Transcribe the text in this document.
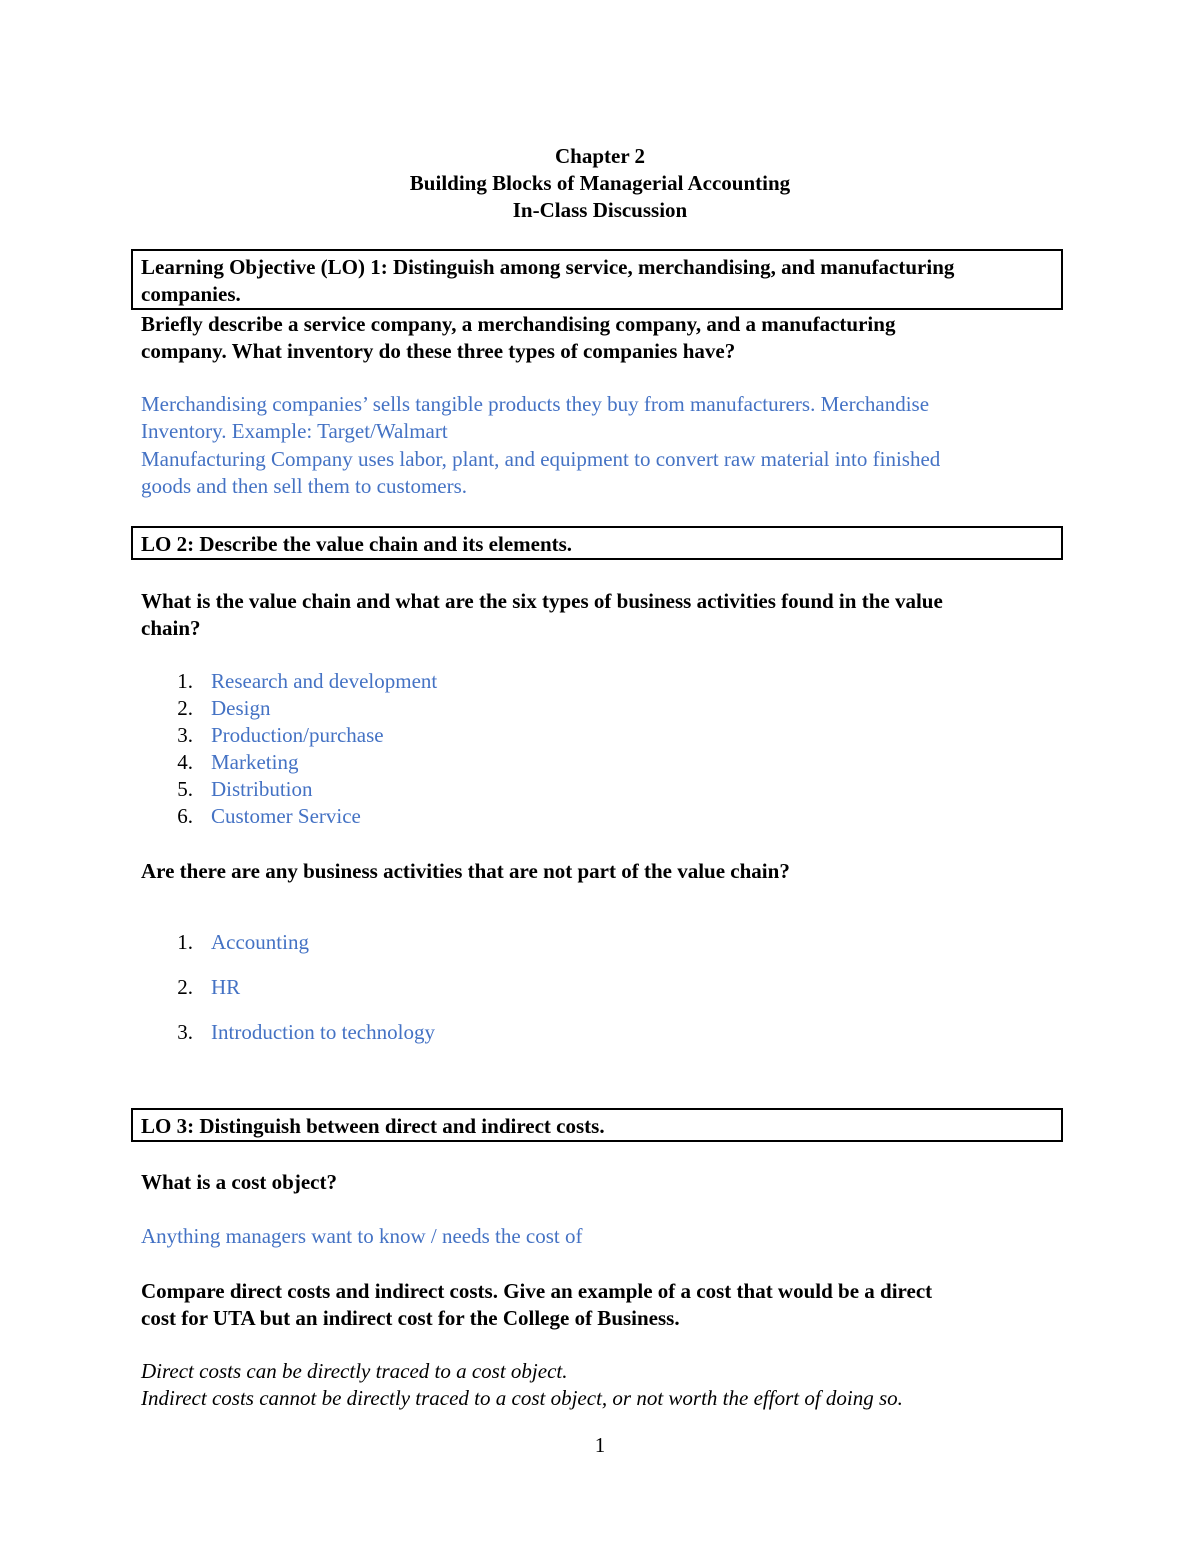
Chapter 2
Building Blocks of Managerial Accounting
In-Class Discussion
Learning Objective (LO) 1: Distinguish among service, merchandising, and manufacturing
companies.
Briefly describe a service company, a merchandising company, and a manufacturing
company. What inventory do these three types of companies have?
Merchandising companies’ sells tangible products they buy from manufacturers. Merchandise
Inventory. Example: Target/Walmart
Manufacturing Company uses labor, plant, and equipment to convert raw material into finished
goods and then sell them to customers.
LO 2: Describe the value chain and its elements.
What is the value chain and what are the six types of business activities found in the value
chain?
1. Research and development
2. Design
3. Production/purchase
4. Marketing
5. Distribution
6. Customer Service
Are there are any business activities that are not part of the value chain?
1. Accounting
2. HR
3. Introduction to technology
LO 3: Distinguish between direct and indirect costs.
What is a cost object?
Anything managers want to know / needs the cost of
Compare direct costs and indirect costs. Give an example of a cost that would be a direct
cost for UTA but an indirect cost for the College of Business.
Direct costs can be directly traced to a cost object.
Indirect costs cannot be directly traced to a cost object, or not worth the effort of doing so.
1
